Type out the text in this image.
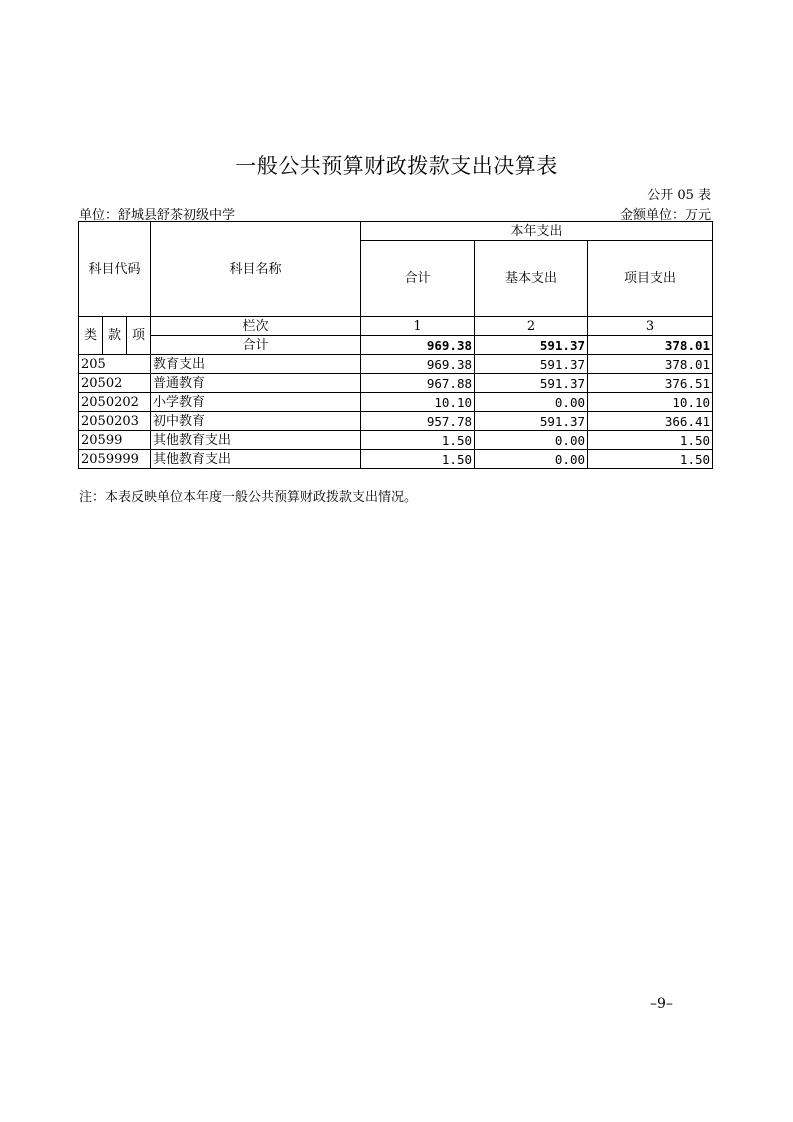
一般公共预算财政拨款支出决算表
公开 05 表
单位：舒城县舒茶初级中学	金额单位：万元
科目代码			科目名称	本年支出		
				合计	基本支出	项目支出
类	款	项	栏次	1	2	3
			合计	969.38	591.37	378.01
205			教育支出	969.38	591.37	378.01
20502			普通教育	967.88	591.37	376.51
2050202			小学教育	10.10	0.00	10.10
2050203			初中教育	957.78	591.37	366.41
20599			其他教育支出	1.50	0.00	1.50
2059999			其他教育支出	1.50	0.00	1.50
注：本表反映单位本年度一般公共预算财政拨款支出情况。
–9–
